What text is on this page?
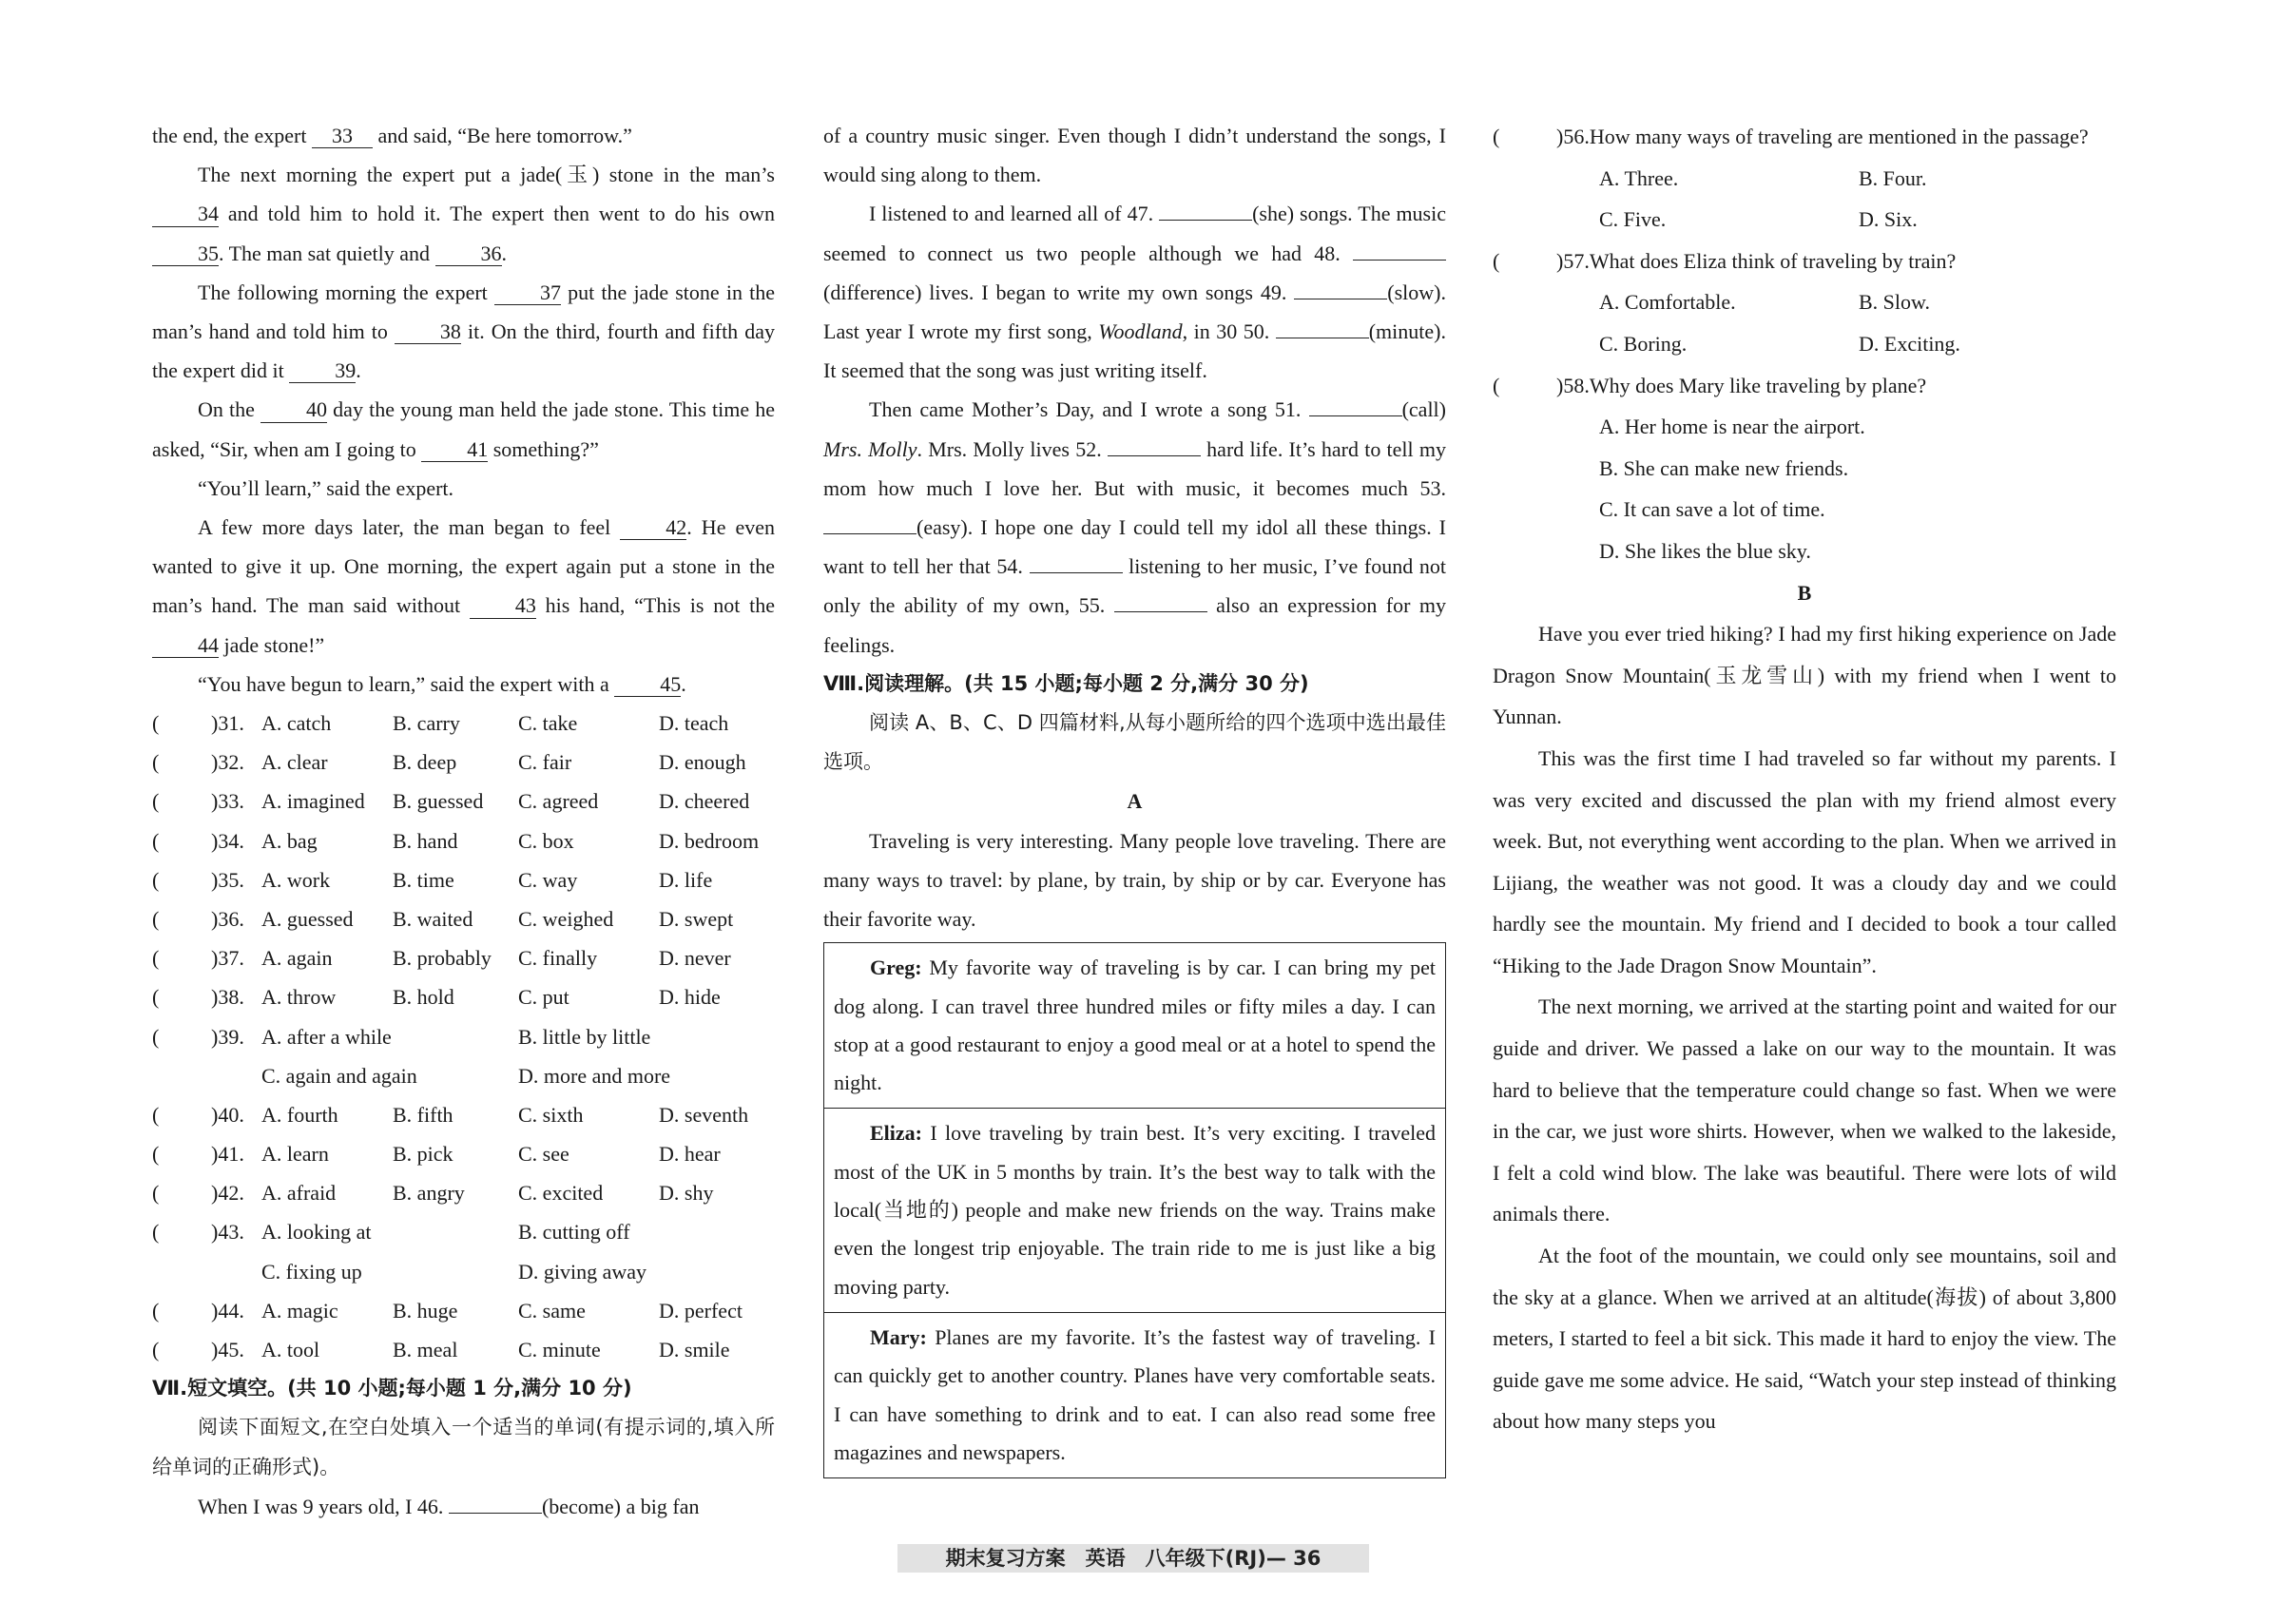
the end, the expert 33 and said, “Be here tomorrow.”
The next morning the expert put a jade(玉) stone in the man’s 34 and told him to hold it. The expert then went to do his own 35. The man sat quietly and 36.
The following morning the expert 37 put the jade stone in the man’s hand and told him to 38 it. On the third, fourth and fifth day the expert did it 39.
On the 40 day the young man held the jade stone. This time he asked, “Sir, when am I going to 41 something?”
“You’ll learn,” said the expert.
A few more days later, the man began to feel 42. He even wanted to give it up. One morning, the expert again put a stone in the man’s hand. The man said without 43 his hand, “This is not the 44 jade stone!”
“You have begun to learn,” said the expert with a 45.
( )31. A. catch	B. carry	C. take	D. teach
( )32. A. clear	B. deep	C. fair	D. enough
( )33. A. imagined B. guessed C. agreed	D. cheered
( )34. A. bag	B. hand	C. box	D. bedroom
( )35. A. work	B. time	C. way	D. life
( )36. A. guessed B. waited C. weighed D. swept
( )37. A. again	B. probably C. finally	D. never
( )38. A. throw	B. hold	C. put	D. hide
( )39. A. after a while	B. little by little
C. again and again	D. more and more
( )40. A. fourth	B. fifth	C. sixth	D. seventh
( )41. A. learn	B. pick	C. see	D. hear
( )42. A. afraid	B. angry	C. excited	D. shy
( )43. A. looking at	B. cutting off
C. fixing up	D. giving away
( )44. A. magic	B. huge	C. same	D. perfect
( )45. A. tool	B. meal	C. minute	D. smile
Ⅶ.短文填空。(共 10 小题;每小题 1 分,满分 10 分)
阅读下面短文,在空白处填入一个适当的单词(有提示词的,填入所给单词的正确形式)。
When I was 9 years old, I 46.	(become) a big fan
of a country music singer. Even though I didn’t understand the songs, I would sing along to them.
I listened to and learned all of 47.	(she) songs. The music seemed to connect us two people although we had 48. (difference) lives. I began to write my own songs 49.	(slow). Last year I wrote my first song, Woodland, in 30 50.	(minute). It seemed that the song was just writing itself.
Then came Mother’s Day, and I wrote a song 51.	(call) Mrs. Molly. Mrs. Molly lives 52.	hard life. It’s hard to tell my mom how much I love her. But with music, it becomes much 53. (easy). I hope one day I could tell my idol all these things. I want to tell her that 54.	listening to her music, I’ve found not only the ability of my own, 55.	also an expression for my feelings.
Ⅷ.阅读理解。(共 15 小题;每小题 2 分,满分 30 分)
阅读 A、B、C、D 四篇材料,从每小题所给的四个选项中选出最佳选项。
A
Traveling is very interesting. Many people love traveling. There are many ways to travel: by plane, by train, by ship or by car. Everyone has their favorite way.
Greg: My favorite way of traveling is by car. I can bring my pet dog along. I can travel three hundred miles or fifty miles a day. I can stop at a good restaurant to enjoy a good meal or at a hotel to spend the night.
Eliza: I love traveling by train best. It’s very exciting. I traveled most of the UK in 5 months by train. It’s the best way to talk with the local(当地的) people and make new friends on the way. Trains make even the longest trip enjoyable. The train ride to me is just like a big moving party.
Mary: Planes are my favorite. It’s the fastest way of traveling. I can quickly get to another country. Planes have very comfortable seats. I can have something to drink and to eat. I can also read some free magazines and newspapers.
(	)56.How many ways of traveling are mentioned in the passage?
A. Three.	B. Four.
C. Five.	D. Six.
(	)57.What does Eliza think of traveling by train?
A. Comfortable.	B. Slow.
C. Boring.	D. Exciting.
(	)58.Why does Mary like traveling by plane?
A. Her home is near the airport.
B. She can make new friends.
C. It can save a lot of time.
D. She likes the blue sky.
B
Have you ever tried hiking? I had my first hiking experience on Jade Dragon Snow Mountain(玉龙雪山) with my friend when I went to Yunnan.
This was the first time I had traveled so far without my parents. I was very excited and discussed the plan with my friend almost every week. But, not everything went according to the plan. When we arrived in Lijiang, the weather was not good. It was a cloudy day and we could hardly see the mountain. My friend and I decided to book a tour called “Hiking to the Jade Dragon Snow Mountain”.
The next morning, we arrived at the starting point and waited for our guide and driver. We passed a lake on our way to the mountain. It was hard to believe that the temperature could change so fast. When we were in the car, we just wore shirts. However, when we walked to the lakeside, I felt a cold wind blow. The lake was beautiful. There were lots of wild animals there.
At the foot of the mountain, we could only see mountains, soil and the sky at a glance. When we arrived at an altitude(海拔) of about 3,800 meters, I started to feel a bit sick. This made it hard to enjoy the view. The guide gave me some advice. He said, “Watch your step instead of thinking about how many steps you
期末复习方案　英语　八年级下(RJ)— 36
